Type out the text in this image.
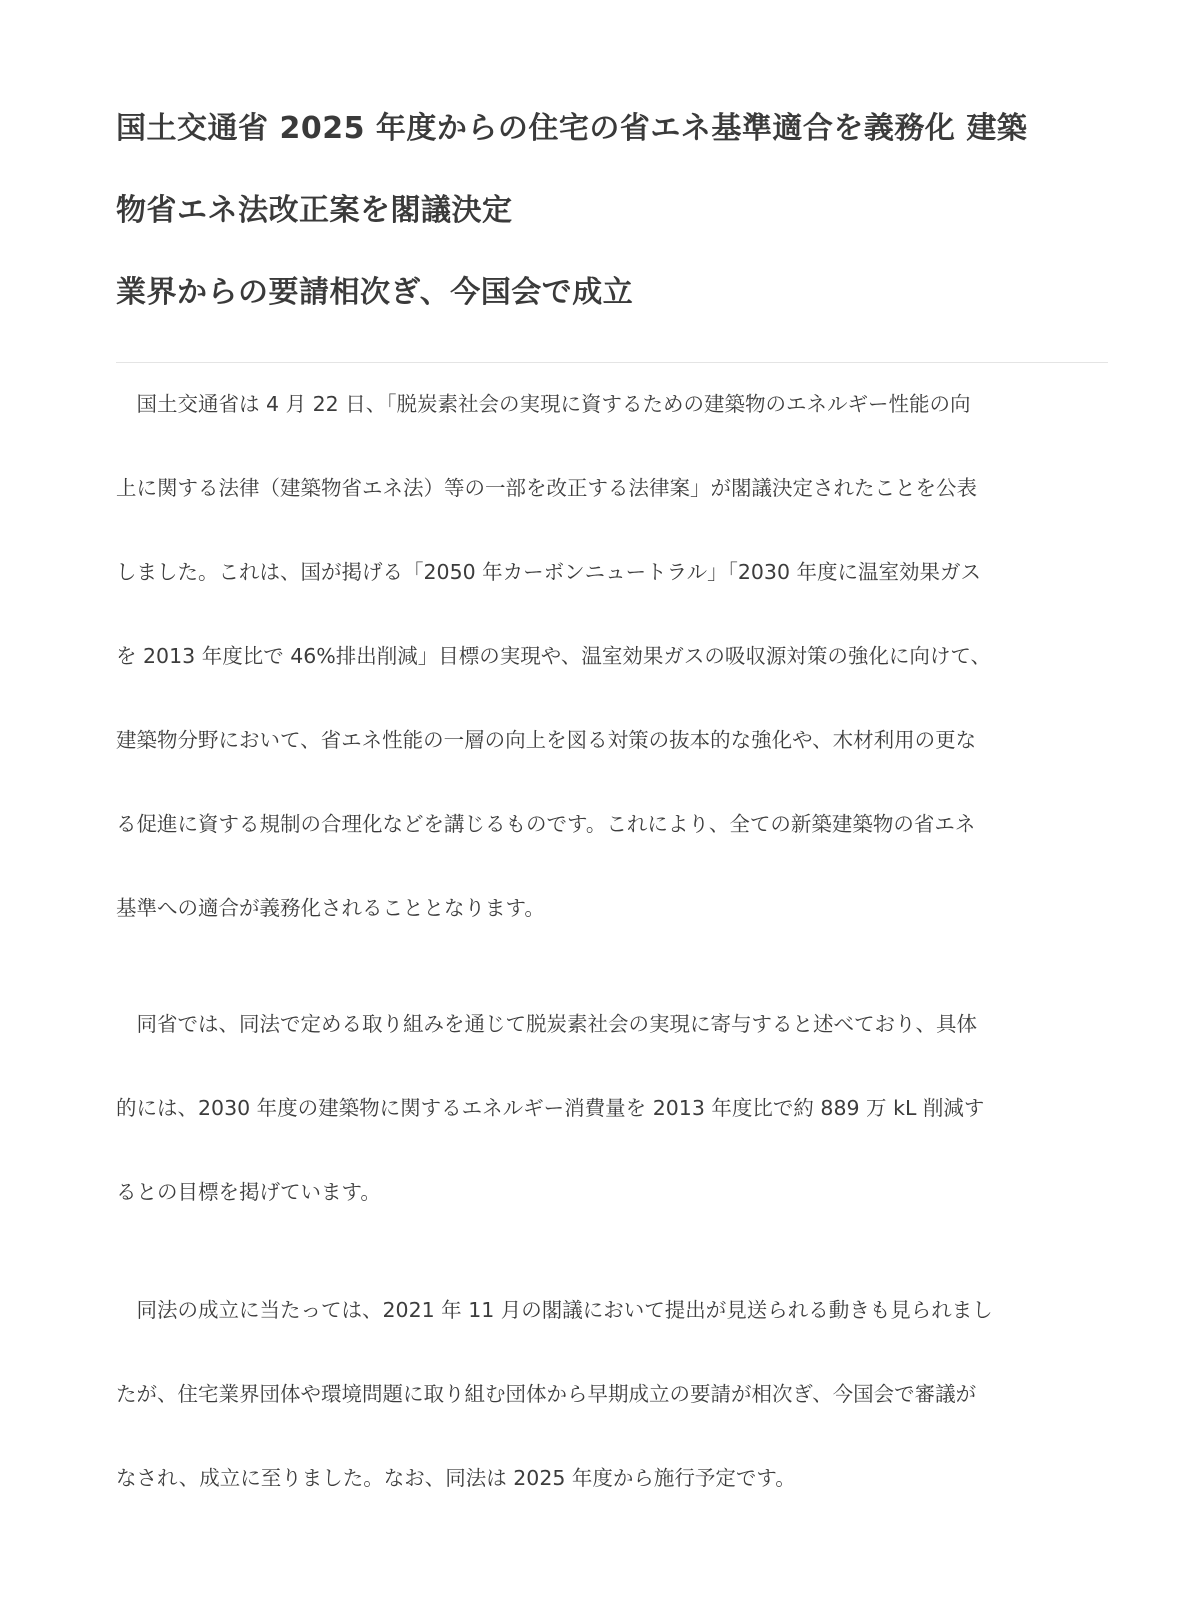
国土交通省 2025 年度からの住宅の省エネ基準適合を義務化 建築
物省エネ法改正案を閣議決定
業界からの要請相次ぎ、今国会で成立
　国土交通省は 4 月 22 日、「脱炭素社会の実現に資するための建築物のエネルギー性能の向
上に関する法律（建築物省エネ法）等の一部を改正する法律案」が閣議決定されたことを公表
しました。これは、国が掲げる「2050 年カーボンニュートラル」「2030 年度に温室効果ガス
を 2013 年度比で 46%排出削減」目標の実現や、温室効果ガスの吸収源対策の強化に向けて、
建築物分野において、省エネ性能の一層の向上を図る対策の抜本的な強化や、木材利用の更な
る促進に資する規制の合理化などを講じるものです。これにより、全ての新築建築物の省エネ
基準への適合が義務化されることとなります。
　同省では、同法で定める取り組みを通じて脱炭素社会の実現に寄与すると述べており、具体
的には、2030 年度の建築物に関するエネルギー消費量を 2013 年度比で約 889 万 kL 削減す
るとの目標を掲げています。
　同法の成立に当たっては、2021 年 11 月の閣議において提出が見送られる動きも見られまし
たが、住宅業界団体や環境問題に取り組む団体から早期成立の要請が相次ぎ、今国会で審議が
なされ、成立に至りました。なお、同法は 2025 年度から施行予定です。
